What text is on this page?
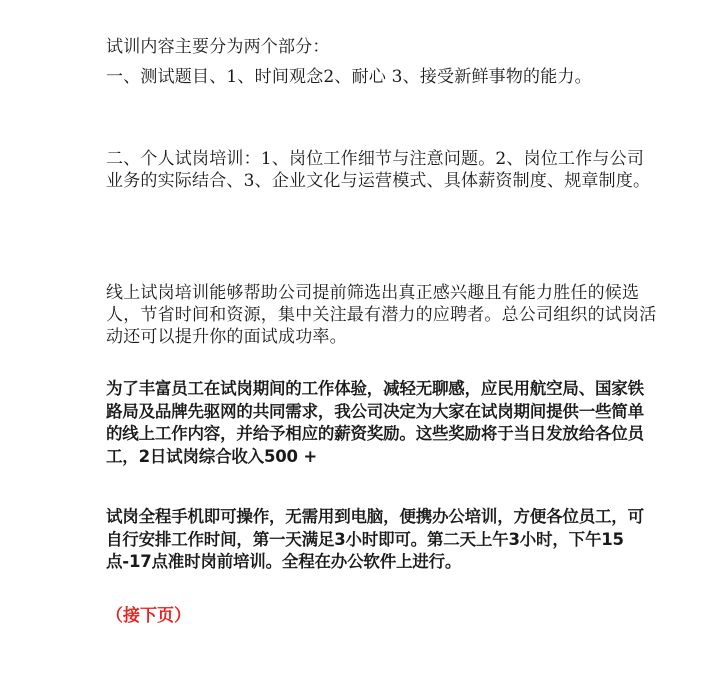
试训内容主要分为两个部分：

一、测试题目、1、时间观念2、耐心 3、接受新鲜事物的能力。

二、个人试岗培训：1、岗位工作细节与注意问题。2、岗位工作与公司业务的实际结合、3、企业文化与运营模式、具体薪资制度、规章制度。

线上试岗培训能够帮助公司提前筛选出真正感兴趣且有能力胜任的候选人，节省时间和资源，集中关注最有潜力的应聘者。总公司组织的试岗活动还可以提升你的面试成功率。

为了丰富员工在试岗期间的工作体验，减轻无聊感，应民用航空局、国家铁路局及品牌先驱网的共同需求，我公司决定为大家在试岗期间提供一些简单的线上工作内容，并给予相应的薪资奖励。这些奖励将于当日发放给各位员工，2日试岗综合收入500 +

试岗全程手机即可操作，无需用到电脑，便携办公培训，方便各位员工，可自行安排工作时间，第一天满足3小时即可。第二天上午3小时，下午15点-17点准时岗前培训。全程在办公软件上进行。

（接下页）
